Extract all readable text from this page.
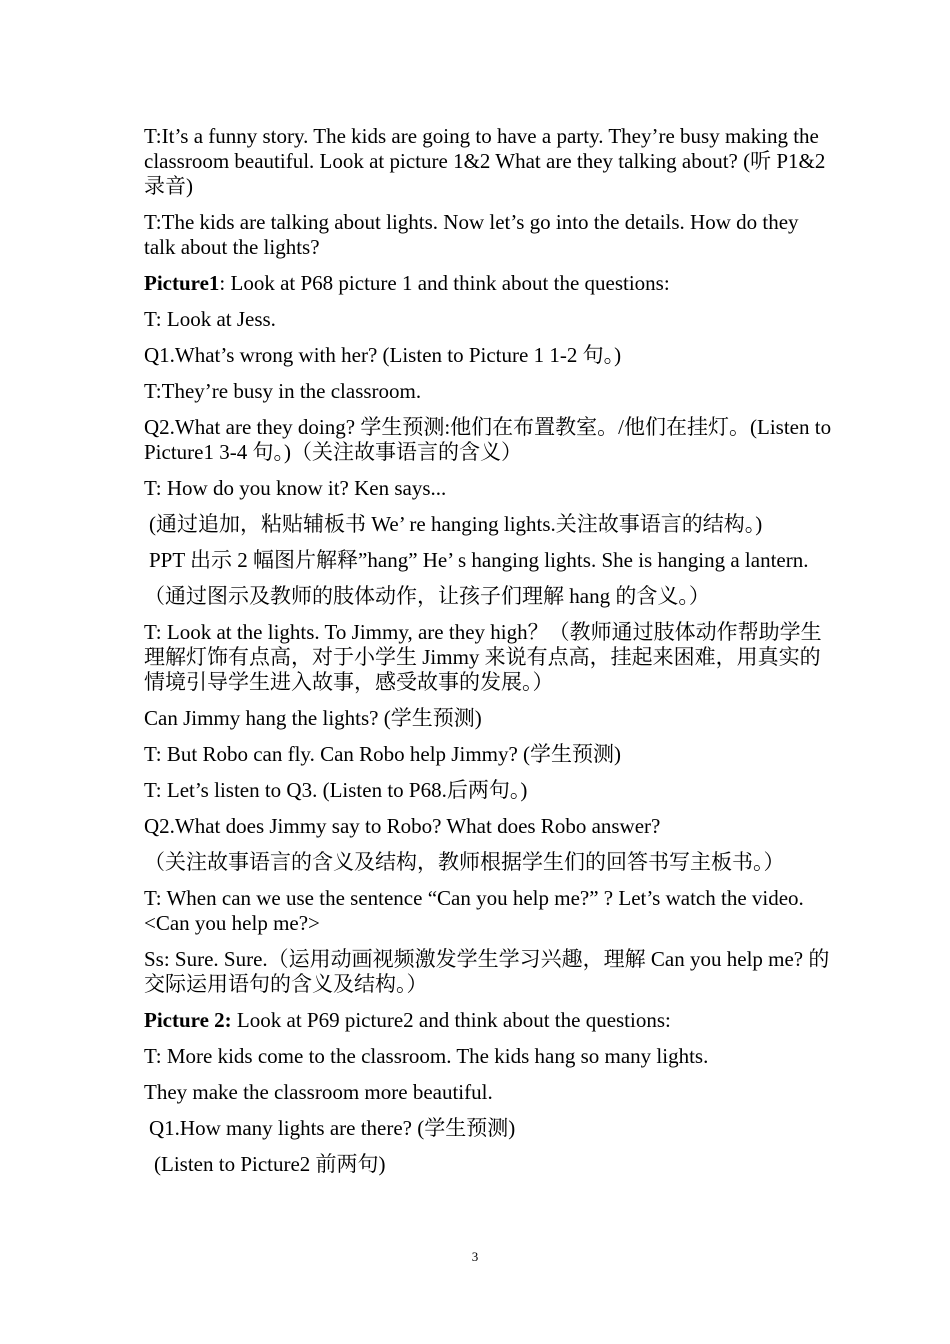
T:It’s a funny story. The kids are going to have a party. They’re busy making the classroom beautiful. Look at picture 1&2 What are they talking about? (听 P1&2 录音)

T:The kids are talking about lights. Now let’s go into the details. How do they talk about the lights?

Picture1: Look at P68 picture 1 and think about the questions:

T: Look at Jess.

Q1.What’s wrong with her? (Listen to Picture 1 1-2 句。)

T:They’re busy in the classroom.

Q2.What are they doing? 学生预测:他们在布置教室。/他们在挂灯。(Listen to Picture1 3-4 句。)（关注故事语言的含义）

T: How do you know it? Ken says...

(通过追加，粘贴辅板书 We’ re hanging lights.关注故事语言的结构。)

PPT 出示 2 幅图片解释”hang” He’ s hanging lights. She is hanging a lantern.

（通过图示及教师的肢体动作，让孩子们理解 hang 的含义。）

T: Look at the lights. To Jimmy, are they high？（教师通过肢体动作帮助学生理解灯饰有点高，对于小学生 Jimmy 来说有点高，挂起来困难，用真实的情境引导学生进入故事，感受故事的发展。）

Can Jimmy hang the lights? (学生预测)

T: But Robo can fly. Can Robo help Jimmy? (学生预测)

T: Let’s listen to Q3. (Listen to P68.后两句。)

Q2.What does Jimmy say to Robo? What does Robo answer?

（关注故事语言的含义及结构，教师根据学生们的回答书写主板书。）

T: When can we use the sentence “Can you help me?” ? Let’s watch the video. <Can you help me?>

Ss: Sure. Sure.（运用动画视频激发学生学习兴趣，理解 Can you help me? 的交际运用语句的含义及结构。）

Picture 2: Look at P69 picture2 and think about the questions:

T: More kids come to the classroom. The kids hang so many lights.

They make the classroom more beautiful.

Q1.How many lights are there? (学生预测)

(Listen to Picture2 前两句)

3
